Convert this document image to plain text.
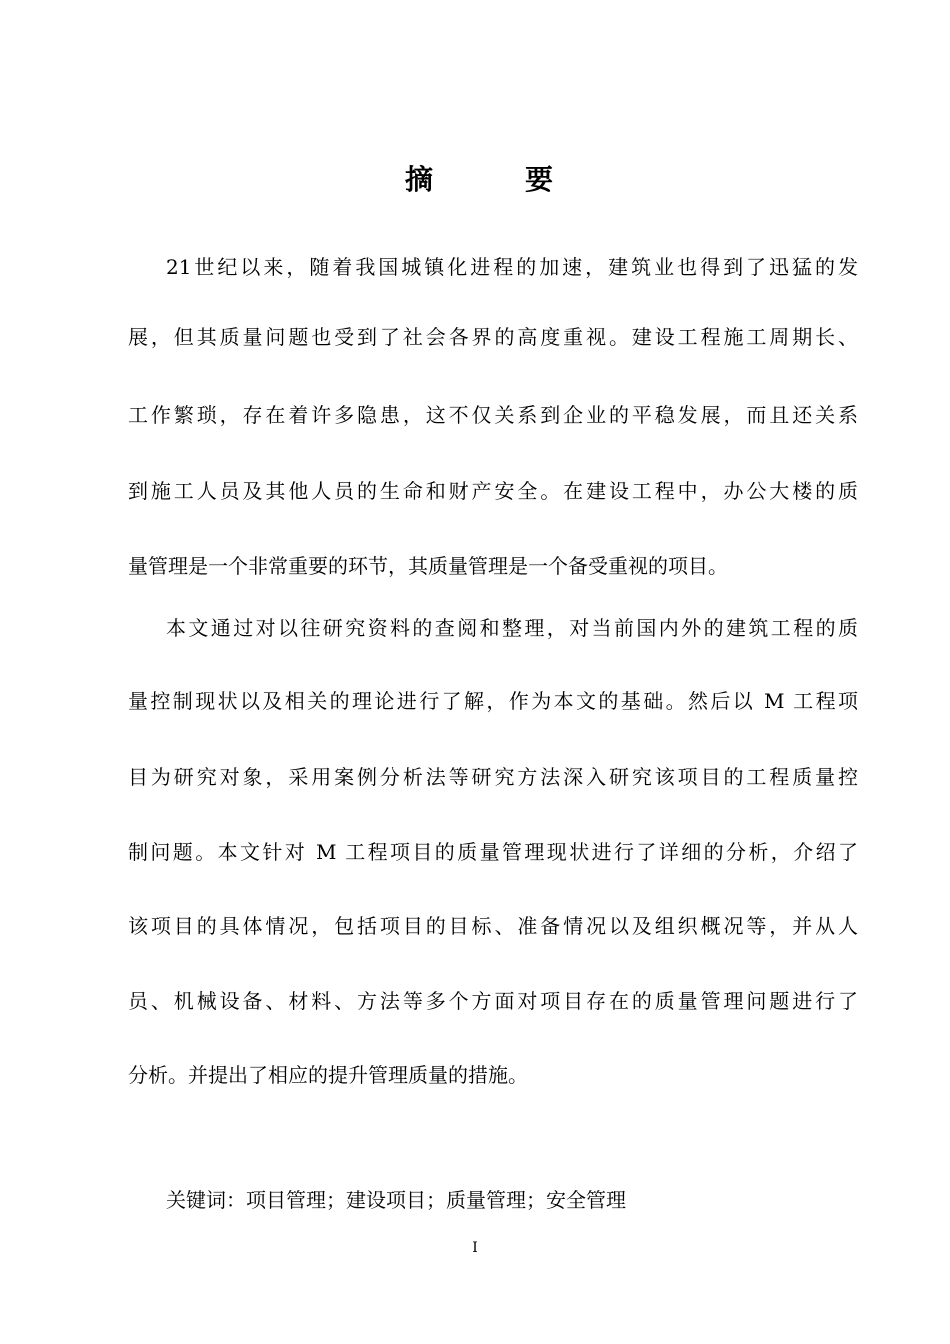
摘　要
21世纪以来，随着我国城镇化进程的加速，建筑业也得到了迅猛的发
展，但其质量问题也受到了社会各界的高度重视。建设工程施工周期长、
工作繁琐，存在着许多隐患，这不仅关系到企业的平稳发展，而且还关系
到施工人员及其他人员的生命和财产安全。在建设工程中，办公大楼的质
量管理是一个非常重要的环节，其质量管理是一个备受重视的项目。
本文通过对以往研究资料的查阅和整理，对当前国内外的建筑工程的质
量控制现状以及相关的理论进行了解，作为本文的基础。然后以 M 工程项
目为研究对象，采用案例分析法等研究方法深入研究该项目的工程质量控
制问题。本文针对 M 工程项目的质量管理现状进行了详细的分析，介绍了
该项目的具体情况，包括项目的目标、准备情况以及组织概况等，并从人
员、机械设备、材料、方法等多个方面对项目存在的质量管理问题进行了
分析。并提出了相应的提升管理质量的措施。
关键词：项目管理；建设项目；质量管理；安全管理
I
